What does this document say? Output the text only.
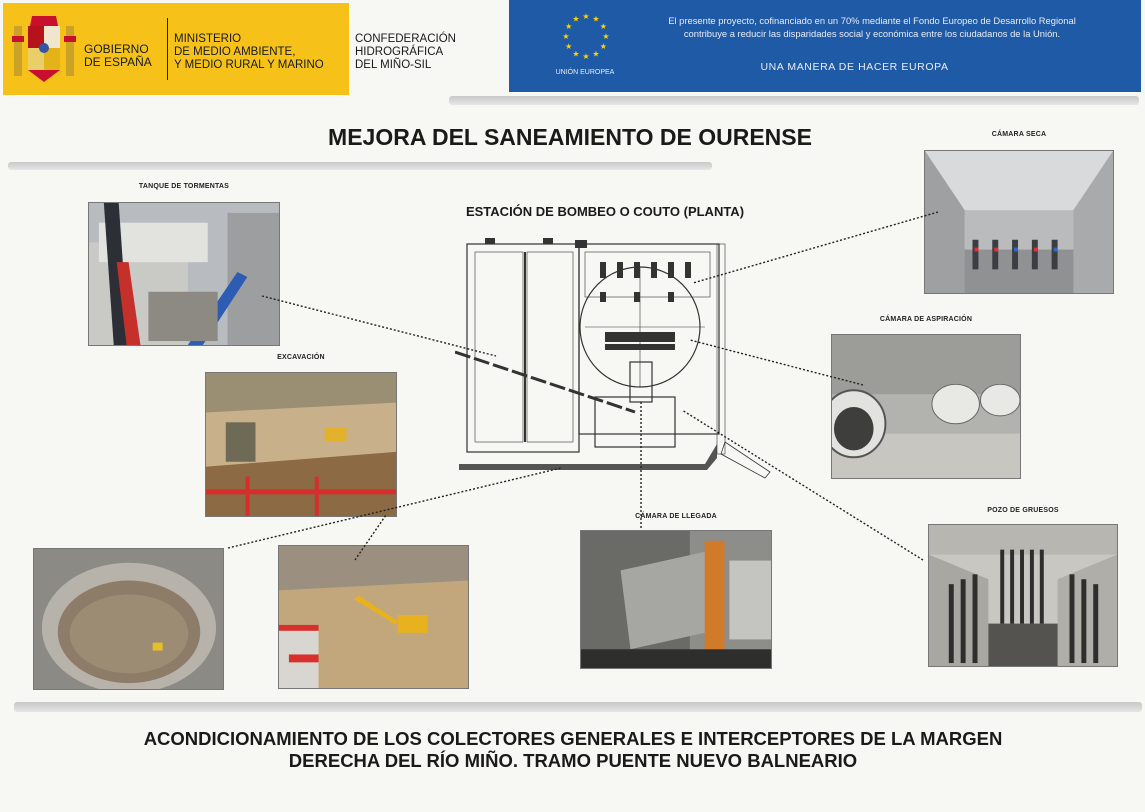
GOBIERNO
DE ESPAÑA
MINISTERIO
DE MEDIO AMBIENTE,
Y MEDIO RURAL Y MARINO
CONFEDERACIÓN
HIDROGRÁFICA
DEL MIÑO-SIL
★ ★
★
★
★
★
★
★
★
★
★
★
UNIÓN EUROPEA
El presente proyecto, cofinanciado en un 70% mediante el Fondo Europeo de Desarrollo Regional
contribuye a reducir las disparidades social y económica entre los ciudadanos de la Unión.
UNA MANERA DE HACER EUROPA
MEJORA DEL SANEAMIENTO DE OURENSE
ESTACIÓN DE BOMBEO O COUTO (PLANTA)
TANQUE DE TORMENTAS
EXCAVACIÓN
CÁMARA SECA
CÁMARA DE ASPIRACIÓN
CÁMARA DE LLEGADA
POZO DE GRUESOS
ACONDICIONAMIENTO DE LOS COLECTORES GENERALES E INTERCEPTORES DE LA MARGEN
DERECHA DEL RÍO MIÑO. TRAMO PUENTE NUEVO BALNEARIO
